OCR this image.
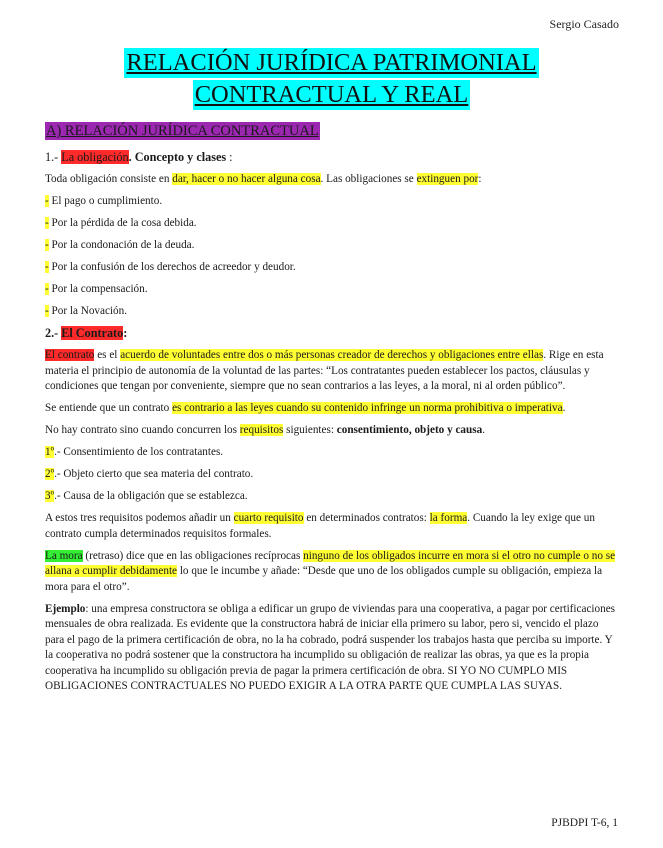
Sergio Casado
RELACIÓN JURÍDICA PATRIMONIAL
CONTRACTUAL Y REAL
A) RELACIÓN JURÍDICA CONTRACTUAL

1.- La obligación. Concepto y clases :

Toda obligación consiste en dar, hacer o no hacer alguna cosa. Las obligaciones se extinguen por:

- El pago o cumplimiento.

- Por la pérdida de la cosa debida.

- Por la condonación de la deuda.

- Por la confusión de los derechos de acreedor y deudor.

- Por la compensación.

- Por la Novación.

2.- El Contrato:

El contrato es el acuerdo de voluntades entre dos o más personas creador de derechos y obligaciones entre ellas. Rige en esta materia el principio de autonomía de la voluntad de las partes: “Los contratantes pueden establecer los pactos, cláusulas y condiciones que tengan por conveniente, siempre que no sean contrarios a las leyes, a la moral, ni al orden público”.

Se entiende que un contrato es contrario a las leyes cuando su contenido infringe un norma prohibitiva o imperativa.

No hay contrato sino cuando concurren los requisitos siguientes: consentimiento, objeto y causa.

1º.- Consentimiento de los contratantes.

2º.- Objeto cierto que sea materia del contrato.

3º.- Causa de la obligación que se establezca.

A estos tres requisitos podemos añadir un cuarto requisito en determinados contratos: la forma. Cuando la ley exige que un contrato cumpla determinados requisitos formales.

La mora (retraso) dice que en las obligaciones recíprocas ninguno de los obligados incurre en mora si el otro no cumple o no se allana a cumplir debidamente lo que le incumbe y añade: “Desde que uno de los obligados cumple su obligación, empieza la mora para el otro”.

Ejemplo: una empresa constructora se obliga a edificar un grupo de viviendas para una cooperativa, a pagar por certificaciones mensuales de obra realizada. Es evidente que la constructora habrá de iniciar ella primero su labor, pero si, vencido el plazo para el pago de la primera certificación de obra, no la ha cobrado, podrá suspender los trabajos hasta que perciba su importe. Y la cooperativa no podrá sostener que la constructora ha incumplido su obligación de realizar las obras, ya que es la propia cooperativa ha incumplido su obligación previa de pagar la primera certificación de obra. SI YO NO CUMPLO MIS OBLIGACIONES CONTRACTUALES NO PUEDO EXIGIR A LA OTRA PARTE QUE CUMPLA LAS SUYAS.

PJBDPI T-6, 1
